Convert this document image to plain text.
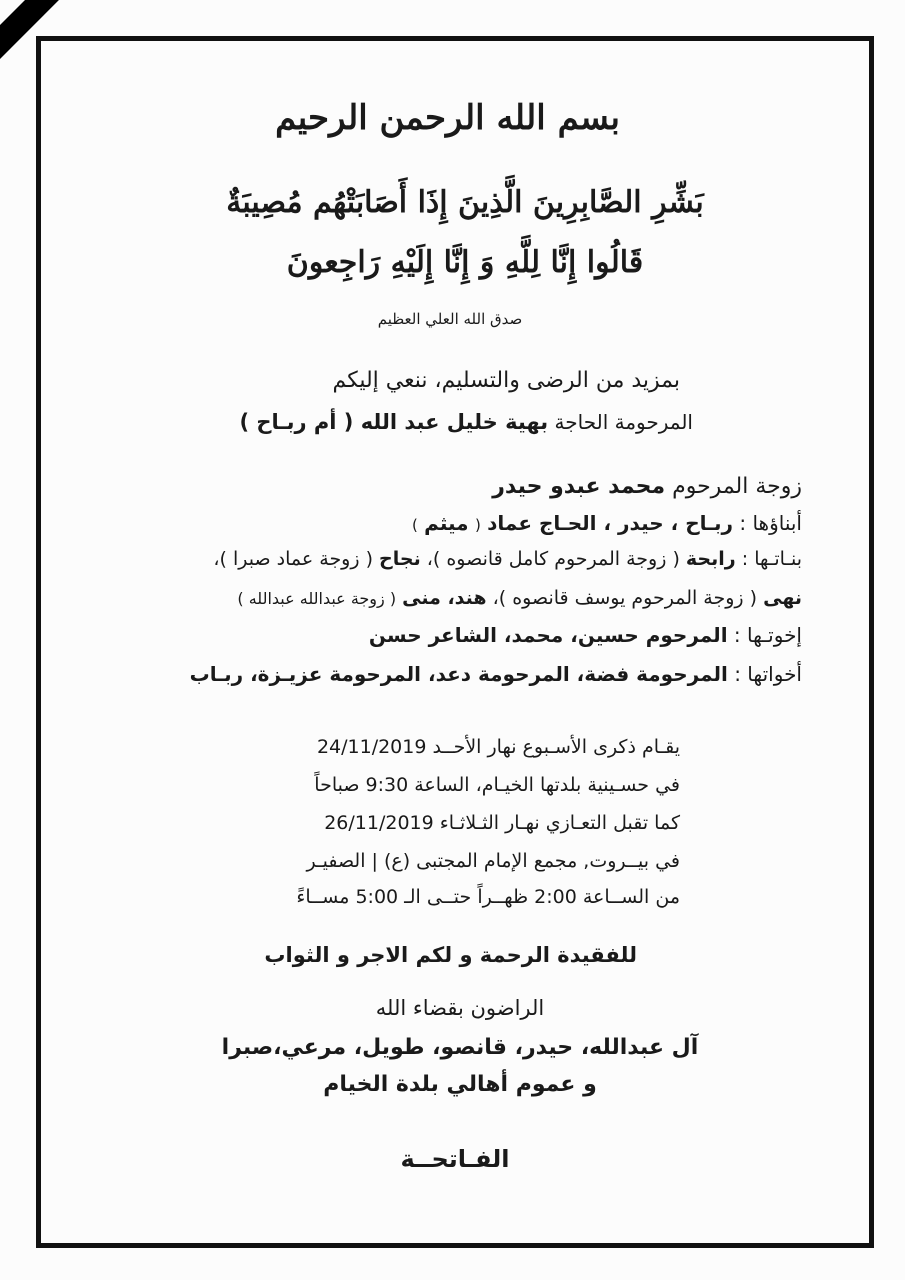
بسم الله الرحمن الرحيم
بَشِّرِ الصَّابِرِينَ الَّذِينَ إِذَا أَصَابَتْهُم مُصِيبَةٌ
قَالُوا إِنَّا لِلَّهِ وَ إِنَّا إِلَيْهِ رَاجِعونَ
صدق الله العلي العظيم
بمزيد من الرضى والتسليم، ننعي إليكم
المرحومة الحاجة بهية خليل عبد الله ( أم ربـاح )
زوجة المرحوم محمد عبدو حيدر
أبناؤها : ربـاح ، حيدر ، الحـاج عماد ( ميثم )
بنـاتـها : رابحة ( زوجة المرحوم كامل قانصوه )، نجاح ( زوجة عماد صبرا )،
نهى ( زوجة المرحوم يوسف قانصوه )، هند، منى ( زوجة عبدالله عبدالله )
إخوتـها : المرحوم حسين، محمد، الشاعر حسن
أخواتها : المرحومة فضة، المرحومة دعد، المرحومة عزيـزة، ربـاب
يقـام ذكرى الأسـبوع نهار الأحــد 24/11/2019
في حسـينية بلدتها الخيـام، الساعة 9:30 صباحاً
كما تقبل التعـازي نهـار الثـلاثـاء 26/11/2019
في بيــروت, مجمع الإمام المجتبى (ع) | الصفيـر
من الســاعة 2:00 ظهــراً حتــى الـ 5:00 مســاءً
للفقيدة الرحمة و لكم الاجر و الثواب
الراضون بقضاء الله
آل عبدالله، حيدر، قانصو، طويل، مرعي،صبرا
و عموم أهالي بلدة الخيام
الفـاتحــة
